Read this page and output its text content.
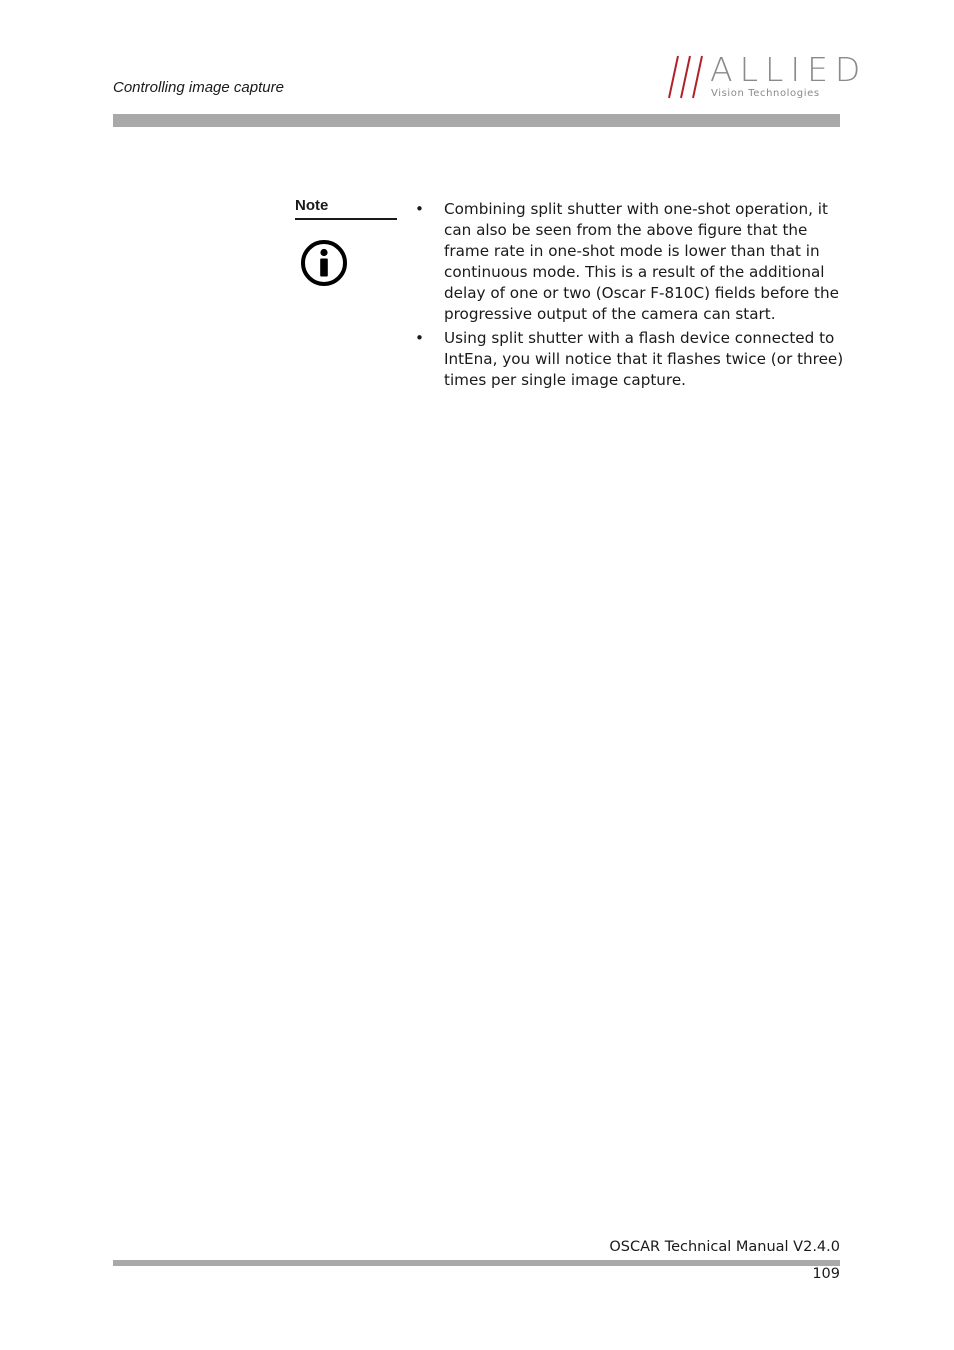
Controlling image capture	ALLIED
Vision Technologies
Note	• Combining split shutter with one-shot operation, it can also be seen from the above figure that the frame rate in one-shot mode is lower than that in continuous mode. This is a result of the additional delay of one or two (Oscar F-810C) fields before the progressive output of the camera can start.
• Using split shutter with a flash device connected to IntEna, you will notice that it flashes twice (or three) times per single image capture.
OSCAR Technical Manual V2.4.0
109
